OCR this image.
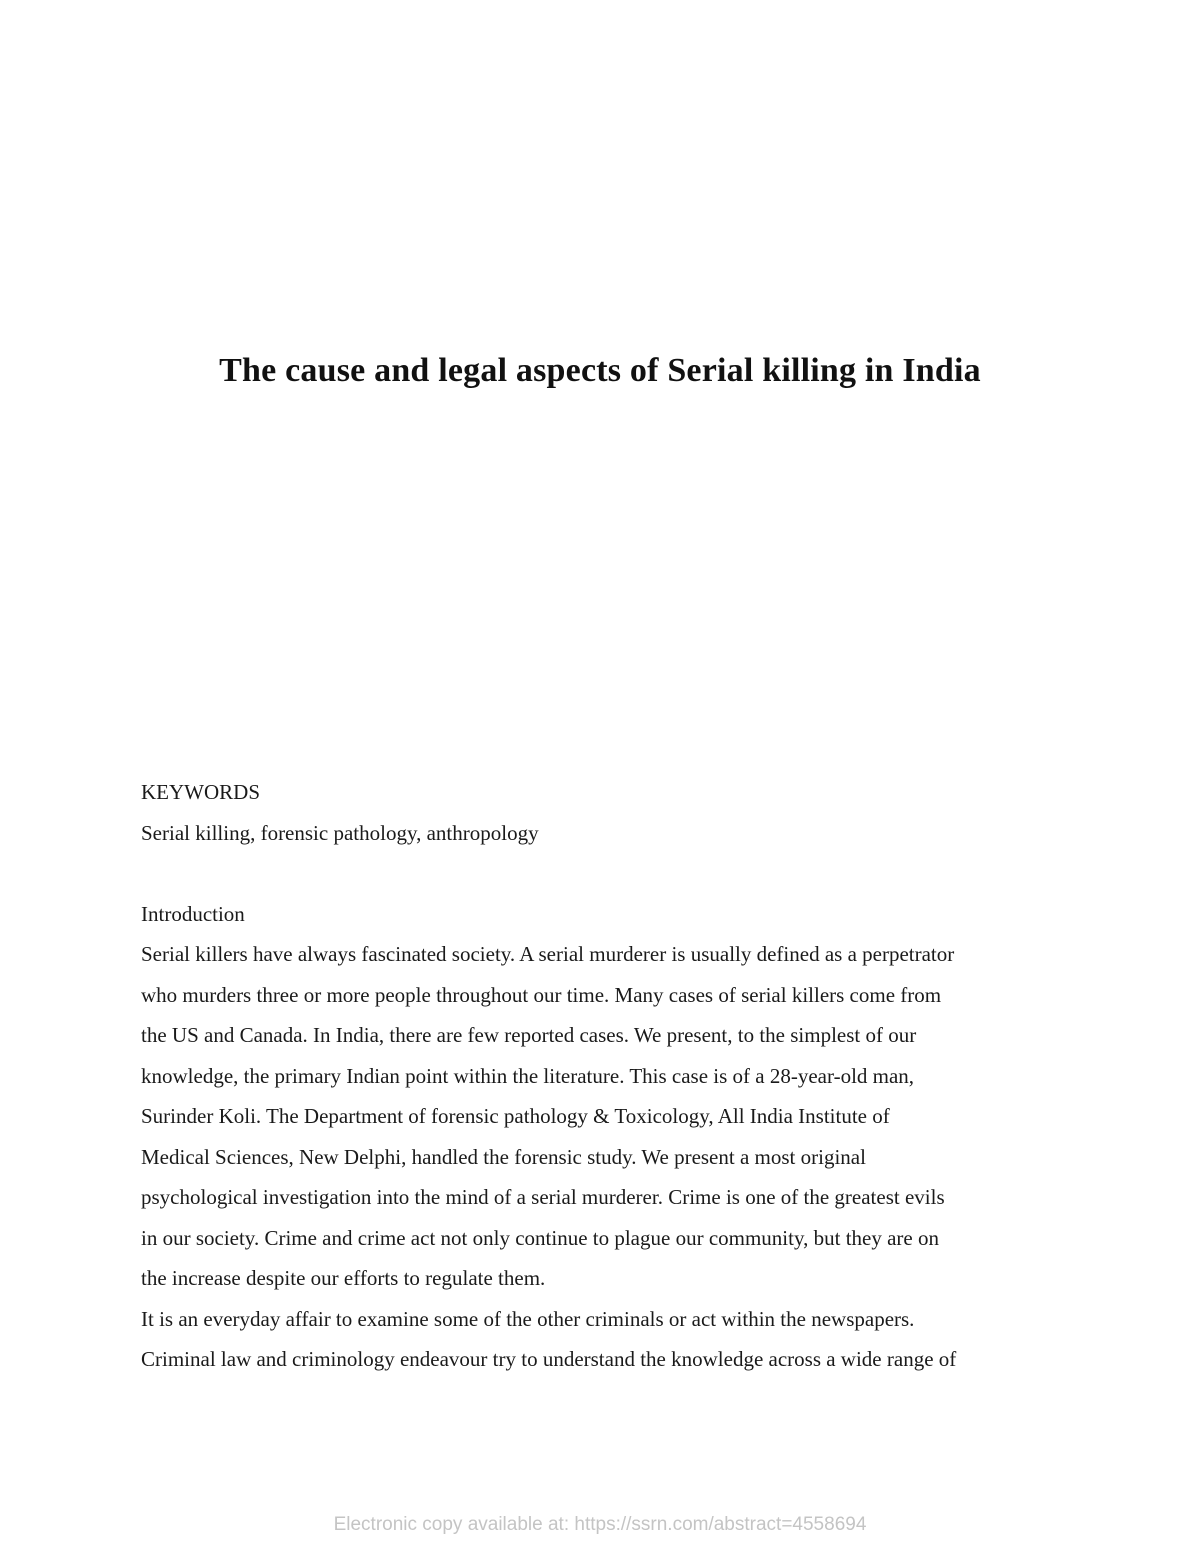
The cause and legal aspects of Serial killing in India
KEYWORDS
Serial killing, forensic pathology, anthropology
Introduction
Serial killers have always fascinated society. A serial murderer is usually defined as a perpetrator
who murders three or more people throughout our time. Many cases of serial killers come from
the US and Canada. In India, there are few reported cases. We present, to the simplest of our
knowledge, the primary Indian point within the literature. This case is of a 28-year-old man,
Surinder Koli. The Department of forensic pathology & Toxicology, All India Institute of
Medical Sciences, New Delphi, handled the forensic study. We present a most original
psychological investigation into the mind of a serial murderer. Crime is one of the greatest evils
in our society. Crime and crime act not only continue to plague our community, but they are on
the increase despite our efforts to regulate them.
It is an everyday affair to examine some of the other criminals or act within the newspapers.
Criminal law and criminology endeavour try to understand the knowledge across a wide range of
Electronic copy available at: https://ssrn.com/abstract=4558694
